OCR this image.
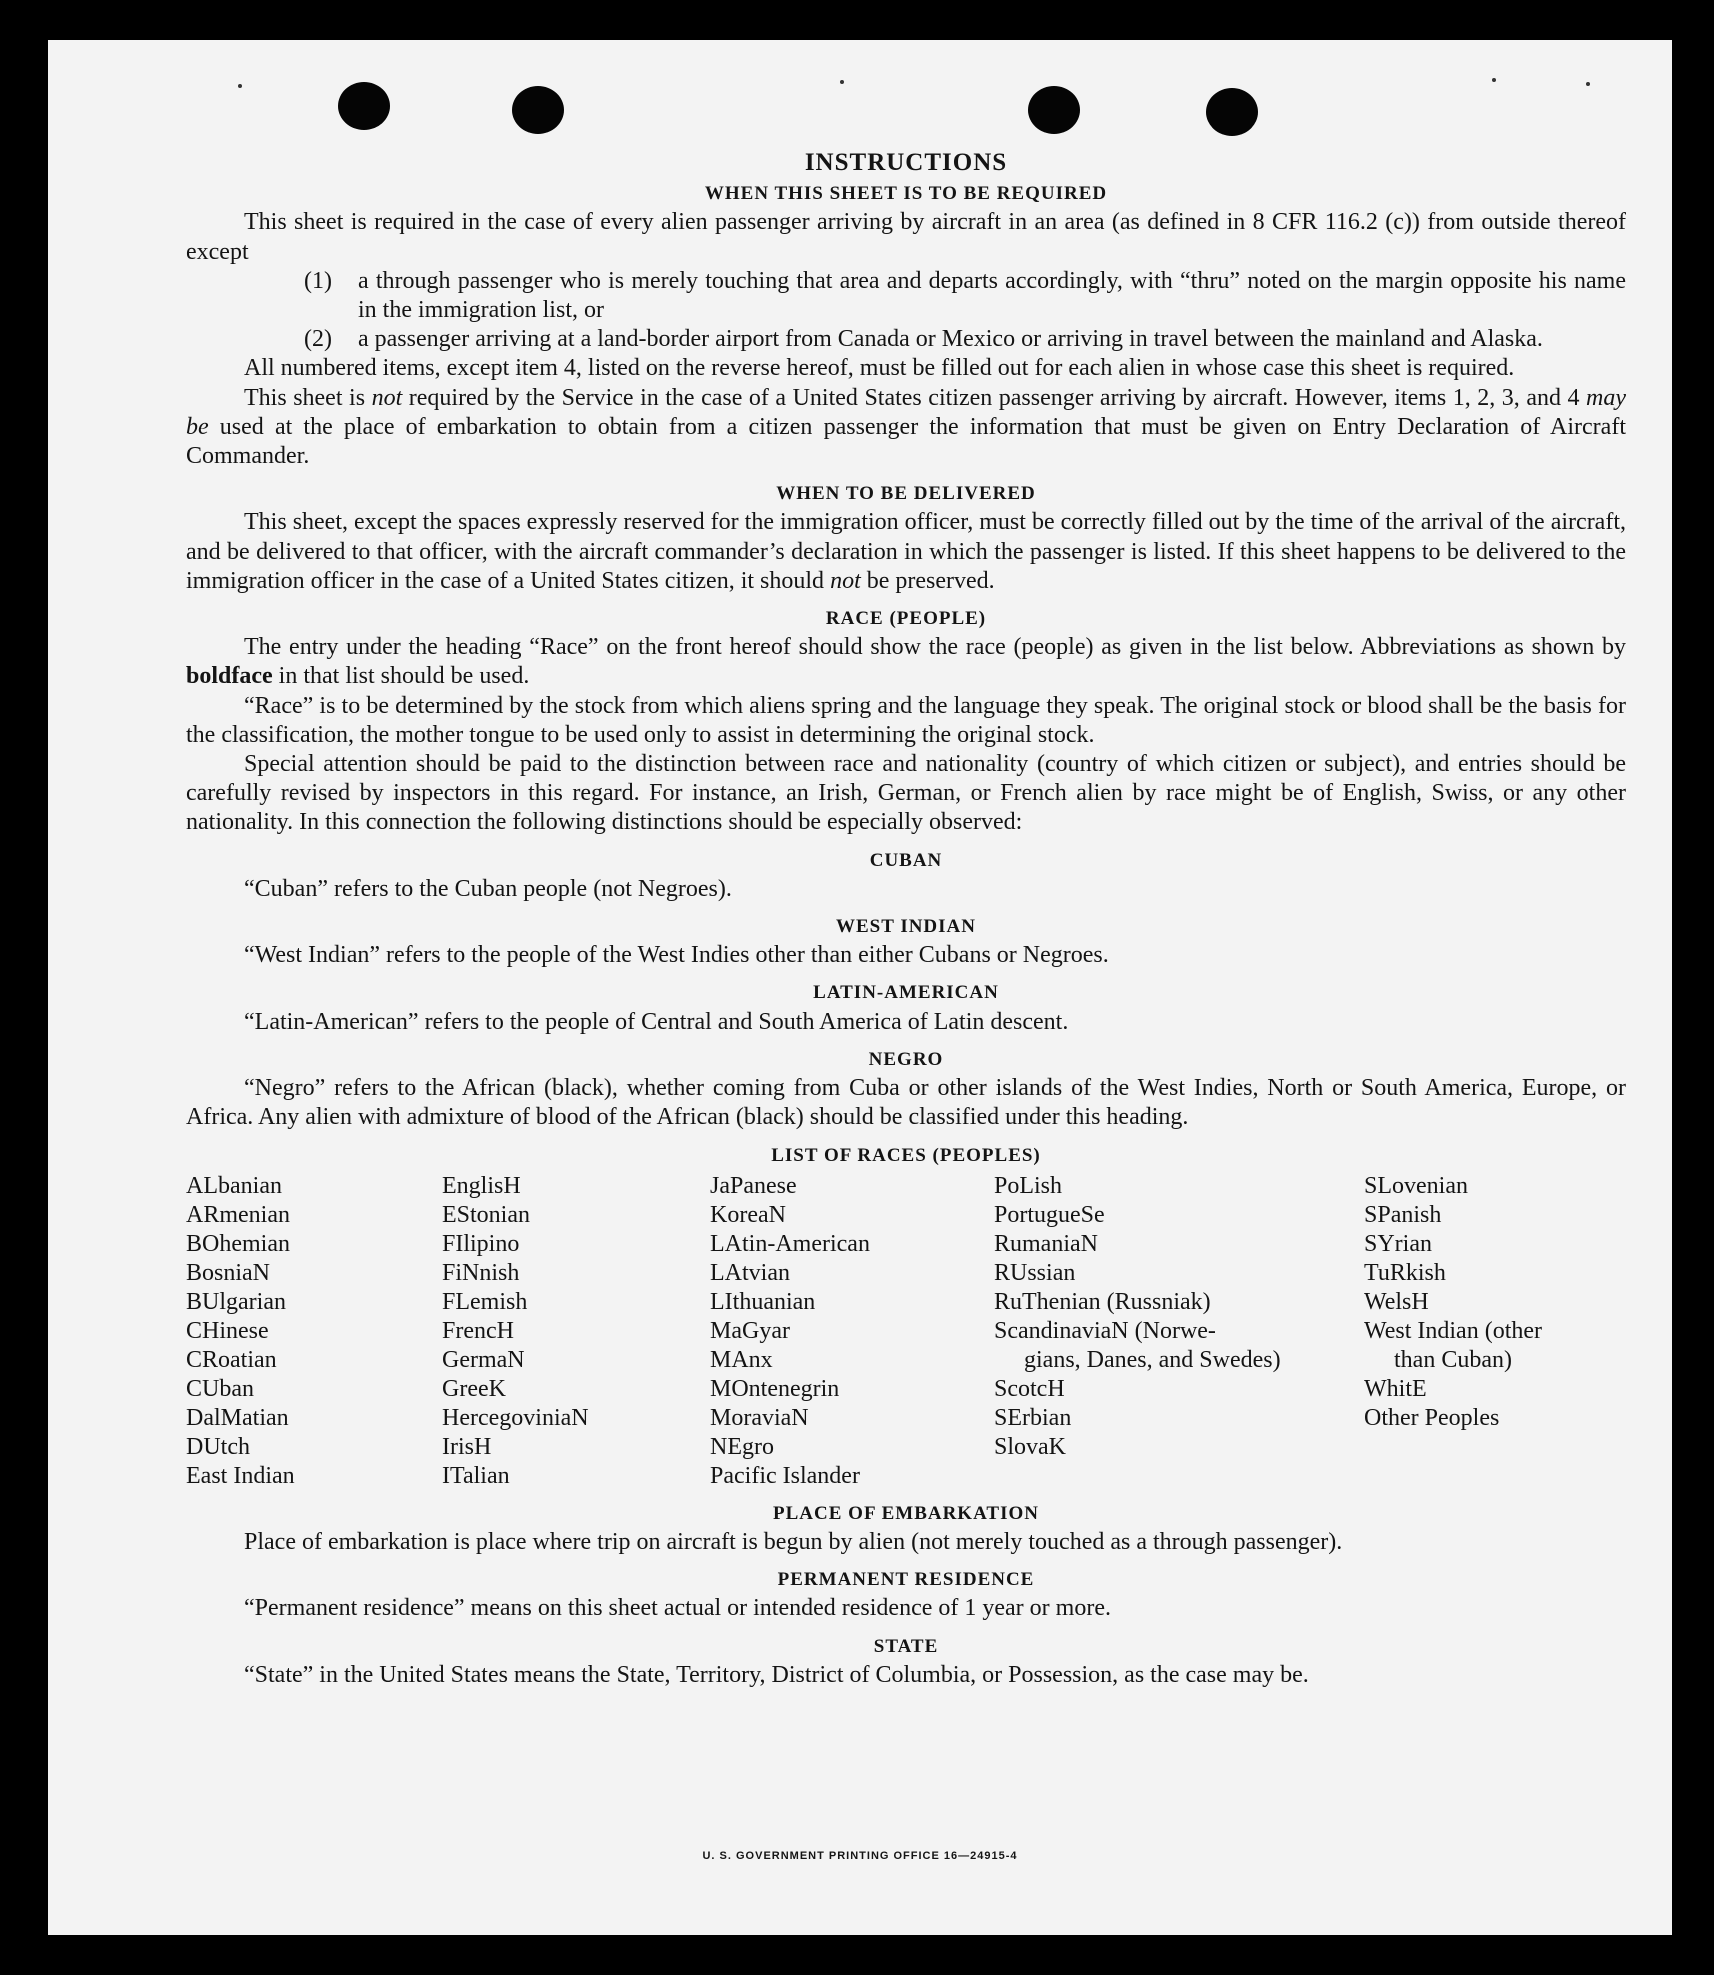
INSTRUCTIONS
WHEN THIS SHEET IS TO BE REQUIRED

This sheet is required in the case of every alien passenger arriving by aircraft in an area (as defined in 8 CFR 116.2 (c)) from outside thereof except

(1)	a through passenger who is merely touching that area and departs accordingly, with “thru” noted on the margin opposite his name in the immigration list, or
(2)	a passenger arriving at a land-border airport from Canada or Mexico or arriving in travel between the mainland and Alaska.

All numbered items, except item 4, listed on the reverse hereof, must be filled out for each alien in whose case this sheet is required.

This sheet is not required by the Service in the case of a United States citizen passenger arriving by aircraft. However, items 1, 2, 3, and 4 may be used at the place of embarkation to obtain from a citizen passenger the information that must be given on Entry Declaration of Aircraft Commander.

WHEN TO BE DELIVERED

This sheet, except the spaces expressly reserved for the immigration officer, must be correctly filled out by the time of the arrival of the aircraft, and be delivered to that officer, with the aircraft commander’s declaration in which the passenger is listed. If this sheet happens to be delivered to the immigration officer in the case of a United States citizen, it should not be preserved.

RACE (PEOPLE)

The entry under the heading “Race” on the front hereof should show the race (people) as given in the list below. Abbreviations as shown by boldface in that list should be used.

“Race” is to be determined by the stock from which aliens spring and the language they speak. The original stock or blood shall be the basis for the classification, the mother tongue to be used only to assist in determining the original stock.

Special attention should be paid to the distinction between race and nationality (country of which citizen or subject), and entries should be carefully revised by inspectors in this regard. For instance, an Irish, German, or French alien by race might be of English, Swiss, or any other nationality. In this connection the following distinctions should be especially observed:

CUBAN

“Cuban” refers to the Cuban people (not Negroes).

WEST INDIAN

“West Indian” refers to the people of the West Indies other than either Cubans or Negroes.

LATIN-AMERICAN

“Latin-American” refers to the people of Central and South America of Latin descent.

NEGRO

“Negro” refers to the African (black), whether coming from Cuba or other islands of the West Indies, North or South America, Europe, or Africa. Any alien with admixture of blood of the African (black) should be classified under this heading.

LIST OF RACES (PEOPLES)
ALbanian
ARmenian
BOhemian
BosniaN
BUlgarian
CHinese
CRoatian
CUban
DalMatian
DUtch
East Indian
EnglisH
EStonian
FIlipino
FiNnish
FLemish
FrencH
GermaN
GreeK
HercegoviniaN
IrisH
ITalian
JaPanese
KoreaN
LAtin-American
LAtvian
LIthuanian
MaGyar
MAnx
MOntenegrin
MoraviaN
NEgro
Pacific Islander
PoLish
PortugueSe
RumaniaN
RUssian
RuThenian (Russniak)
ScandinaviaN (Norwe-
gians, Danes, and Swedes)
ScotcH
SErbian
SlovaK
SLovenian
SPanish
SYrian
TuRkish
WelsH
West Indian (other
than Cuban)
WhitE
Other Peoples
PLACE OF EMBARKATION

Place of embarkation is place where trip on aircraft is begun by alien (not merely touched as a through passenger).

PERMANENT RESIDENCE

“Permanent residence” means on this sheet actual or intended residence of 1 year or more.

STATE

“State” in the United States means the State, Territory, District of Columbia, or Possession, as the case may be.

U. S. GOVERNMENT PRINTING OFFICE 16—24915-4
